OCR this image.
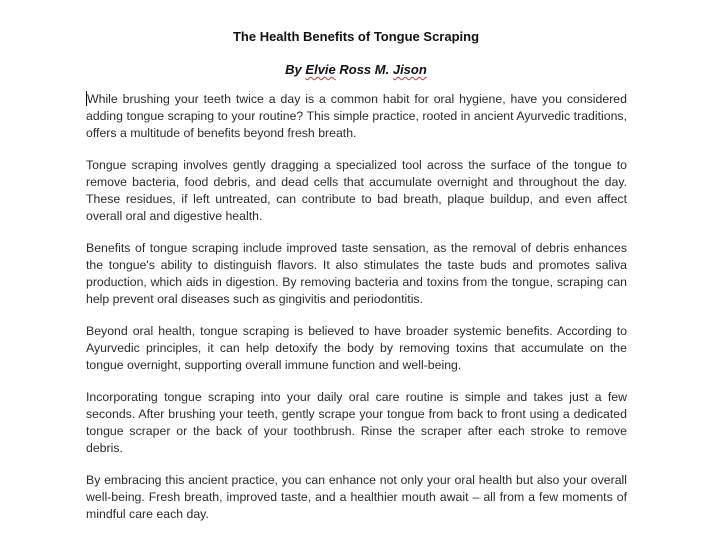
The Health Benefits of Tongue Scraping
By Elvie Ross M. Jison

While brushing your teeth twice a day is a common habit for oral hygiene, have you considered adding tongue scraping to your routine? This simple practice, rooted in ancient Ayurvedic traditions, offers a multitude of benefits beyond fresh breath.

Tongue scraping involves gently dragging a specialized tool across the surface of the tongue to remove bacteria, food debris, and dead cells that accumulate overnight and throughout the day. These residues, if left untreated, can contribute to bad breath, plaque buildup, and even affect overall oral and digestive health.

Benefits of tongue scraping include improved taste sensation, as the removal of debris enhances the tongue's ability to distinguish flavors. It also stimulates the taste buds and promotes saliva production, which aids in digestion. By removing bacteria and toxins from the tongue, scraping can help prevent oral diseases such as gingivitis and periodontitis.

Beyond oral health, tongue scraping is believed to have broader systemic benefits. According to Ayurvedic principles, it can help detoxify the body by removing toxins that accumulate on the tongue overnight, supporting overall immune function and well-being.

Incorporating tongue scraping into your daily oral care routine is simple and takes just a few seconds. After brushing your teeth, gently scrape your tongue from back to front using a dedicated tongue scraper or the back of your toothbrush. Rinse the scraper after each stroke to remove debris.

By embracing this ancient practice, you can enhance not only your oral health but also your overall well-being. Fresh breath, improved taste, and a healthier mouth await – all from a few moments of mindful care each day.
